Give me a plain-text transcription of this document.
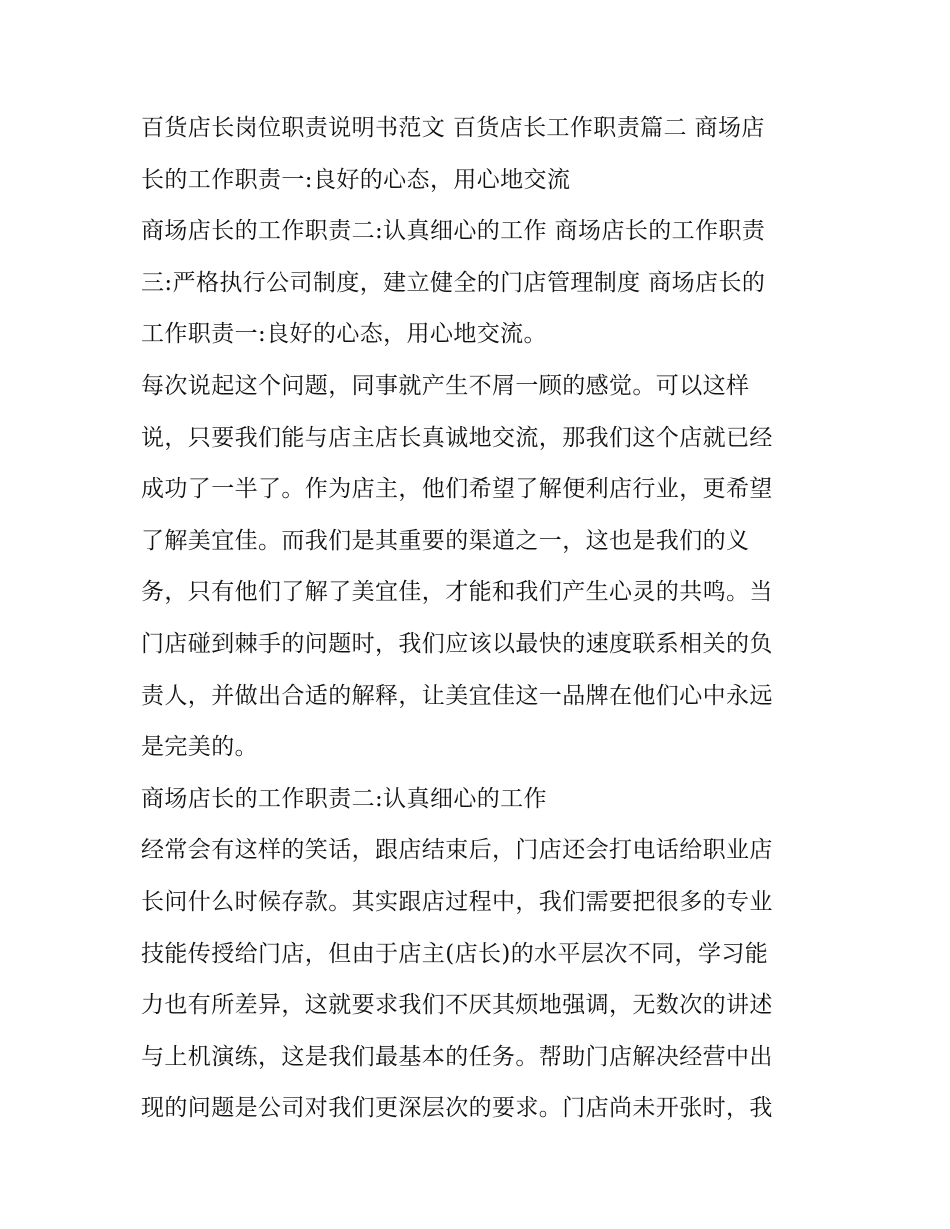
百货店长岗位职责说明书范文 百货店长工作职责篇二 商场店
长的工作职责一:良好的心态，用心地交流
商场店长的工作职责二:认真细心的工作 商场店长的工作职责
三:严格执行公司制度，建立健全的门店管理制度 商场店长的
工作职责一:良好的心态，用心地交流。
每次说起这个问题，同事就产生不屑一顾的感觉。可以这样
说，只要我们能与店主店长真诚地交流，那我们这个店就已经
成功了一半了。作为店主，他们希望了解便利店行业，更希望
了解美宜佳。而我们是其重要的渠道之一，这也是我们的义
务，只有他们了解了美宜佳，才能和我们产生心灵的共鸣。当
门店碰到棘手的问题时，我们应该以最快的速度联系相关的负
责人，并做出合适的解释，让美宜佳这一品牌在他们心中永远
是完美的。
商场店长的工作职责二:认真细心的工作
经常会有这样的笑话，跟店结束后，门店还会打电话给职业店
长问什么时候存款。其实跟店过程中，我们需要把很多的专业
技能传授给门店，但由于店主(店长)的水平层次不同，学习能
力也有所差异，这就要求我们不厌其烦地强调，无数次的讲述
与上机演练，这是我们最基本的任务。帮助门店解决经营中出
现的问题是公司对我们更深层次的要求。门店尚未开张时，我
